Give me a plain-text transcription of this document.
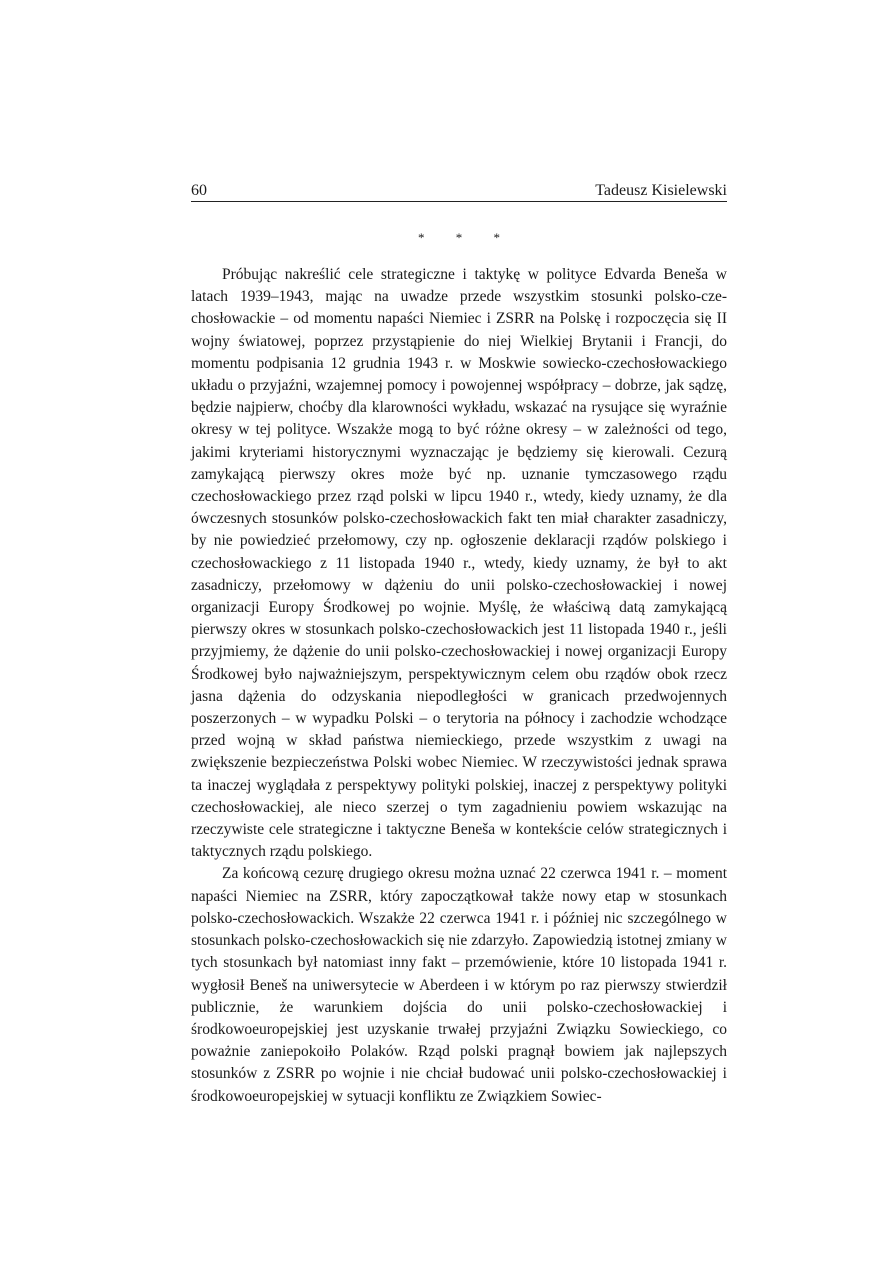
60	Tadeusz Kisielewski
* * *

Próbując nakreślić cele strategiczne i taktykę w polityce Edvarda Beneša w latach 1939–1943, mając na uwadze przede wszystkim stosunki polsko-czechosłowackie – od momentu napaści Niemiec i ZSRR na Polskę i rozpoczęcia się II wojny światowej, poprzez przystąpienie do niej Wielkiej Brytanii i Francji, do momentu podpisania 12 grudnia 1943 r. w Moskwie sowiecko-czechosłowackiego układu o przyjaźni, wzajemnej pomocy i powojennej współpracy – dobrze, jak sądzę, będzie najpierw, choćby dla klarowności wykładu, wskazać na rysujące się wyraźnie okresy w tej polityce. Wszakże mogą to być różne okresy – w zależności od tego, jakimi kryteriami historycznymi wyznaczając je będziemy się kierowali. Cezurą zamykającą pierwszy okres może być np. uznanie tymczasowego rządu czechosłowackiego przez rząd polski w lipcu 1940 r., wtedy, kiedy uznamy, że dla ówczesnych stosunków polsko-czechosłowackich fakt ten miał charakter zasadniczy, by nie powiedzieć przełomowy, czy np. ogłoszenie deklaracji rządów polskiego i czechosłowackiego z 11 listopada 1940 r., wtedy, kiedy uznamy, że był to akt zasadniczy, przełomowy w dążeniu do unii polsko-czechosłowackiej i nowej organizacji Europy Środkowej po wojnie. Myślę, że właściwą datą zamykającą pierwszy okres w stosunkach polsko-czechosłowackich jest 11 listopada 1940 r., jeśli przyjmiemy, że dążenie do unii polsko-czechosłowackiej i nowej organizacji Europy Środkowej było najważniejszym, perspektywicznym celem obu rządów obok rzecz jasna dążenia do odzyskania niepodległości w granicach przedwojennych poszerzonych – w wypadku Polski – o terytoria na północy i zachodzie wchodzące przed wojną w skład państwa niemieckiego, przede wszystkim z uwagi na zwiększenie bezpieczeństwa Polski wobec Niemiec. W rzeczywistości jednak sprawa ta inaczej wyglądała z perspektywy polityki polskiej, inaczej z perspektywy polityki czechosłowackiej, ale nieco szerzej o tym zagadnieniu powiem wskazując na rzeczywiste cele strategiczne i taktyczne Beneša w kontekście celów strategicznych i taktycznych rządu polskiego.

Za końcową cezurę drugiego okresu można uznać 22 czerwca 1941 r. – moment napaści Niemiec na ZSRR, który zapoczątkował także nowy etap w stosunkach polsko-czechosłowackich. Wszakże 22 czerwca 1941 r. i później nic szczególnego w stosunkach polsko-czechosłowackich się nie zdarzyło. Zapowiedzią istotnej zmiany w tych stosunkach był natomiast inny fakt – przemówienie, które 10 listopada 1941 r. wygłosił Beneš na uniwersytecie w Aberdeen i w którym po raz pierwszy stwierdził publicznie, że warunkiem dojścia do unii polsko-czechosłowackiej i środkowoeuropejskiej jest uzyskanie trwałej przyjaźni Związku Sowieckiego, co poważnie zaniepokoiło Polaków. Rząd polski pragnął bowiem jak najlepszych stosunków z ZSRR po wojnie i nie chciał budować unii polsko-czechosłowackiej i środkowoeuropejskiej w sytuacji konfliktu ze Związkiem Sowiec-
